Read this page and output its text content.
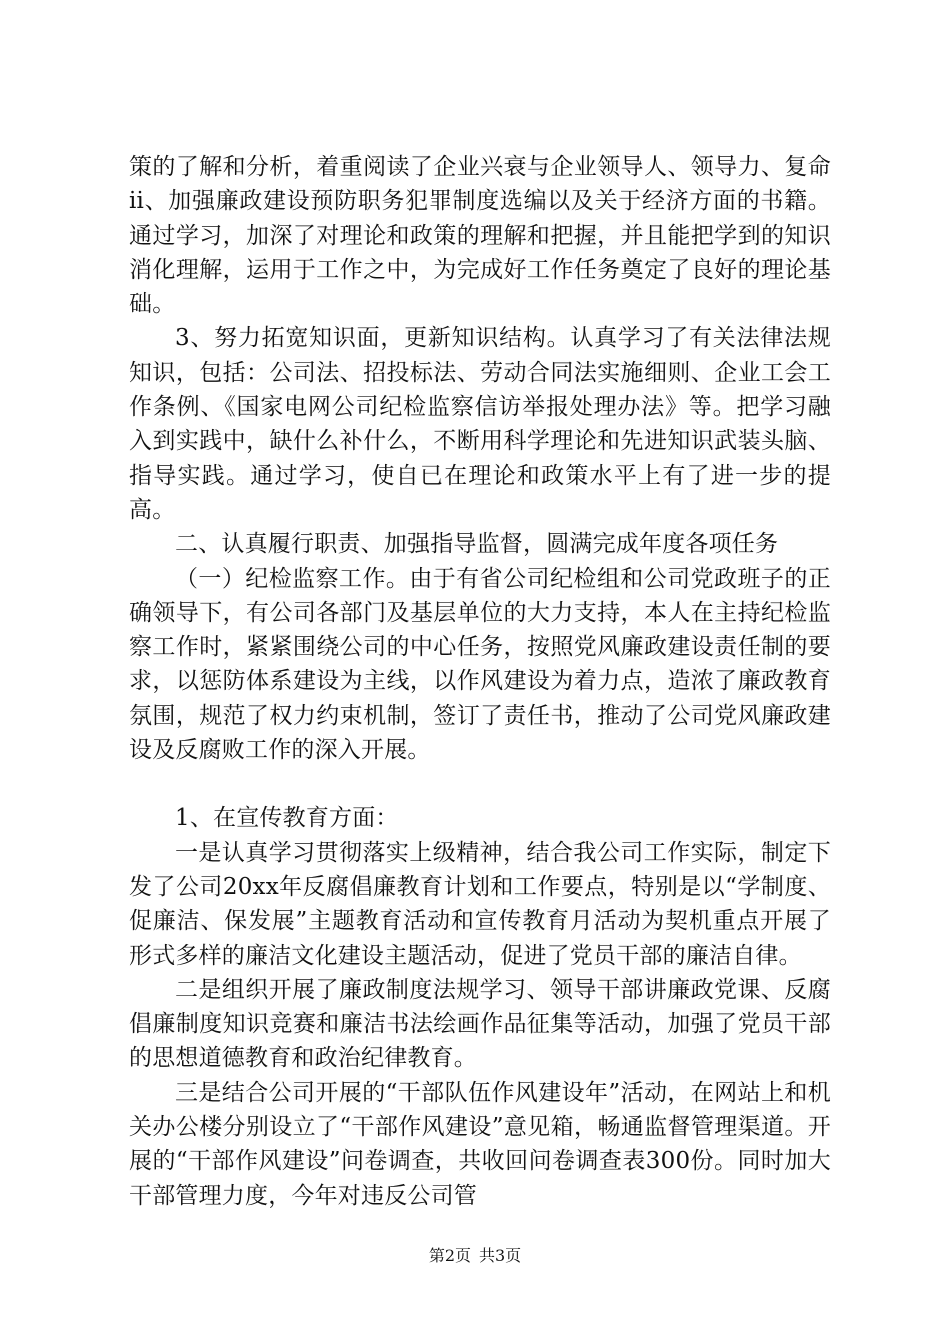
策的了解和分析，着重阅读了企业兴衰与企业领导人、领导力、复命ii、加强廉政建设预防职务犯罪制度选编以及关于经济方面的书籍。通过学习，加深了对理论和政策的理解和把握，并且能把学到的知识消化理解，运用于工作之中，为完成好工作任务奠定了良好的理论基础。

3、努力拓宽知识面，更新知识结构。认真学习了有关法律法规知识，包括：公司法、招投标法、劳动合同法实施细则、企业工会工作条例、《国家电网公司纪检监察信访举报处理办法》等。把学习融入到实践中，缺什么补什么，不断用科学理论和先进知识武装头脑、指导实践。通过学习，使自已在理论和政策水平上有了进一步的提高。

二、认真履行职责、加强指导监督，圆满完成年度各项任务

（一）纪检监察工作。由于有省公司纪检组和公司党政班子的正确领导下，有公司各部门及基层单位的大力支持，本人在主持纪检监察工作时，紧紧围绕公司的中心任务，按照党风廉政建设责任制的要求，以惩防体系建设为主线，以作风建设为着力点，造浓了廉政教育氛围，规范了权力约束机制，签订了责任书，推动了公司党风廉政建设及反腐败工作的深入开展。

1、在宣传教育方面：

一是认真学习贯彻落实上级精神，结合我公司工作实际，制定下发了公司20xx年反腐倡廉教育计划和工作要点，特别是以“学制度、促廉洁、保发展”主题教育活动和宣传教育月活动为契机重点开展了形式多样的廉洁文化建设主题活动，促进了党员干部的廉洁自律。

二是组织开展了廉政制度法规学习、领导干部讲廉政党课、反腐倡廉制度知识竞赛和廉洁书法绘画作品征集等活动，加强了党员干部的思想道德教育和政治纪律教育。

三是结合公司开展的“干部队伍作风建设年”活动，在网站上和机关办公楼分别设立了“干部作风建设”意见箱，畅通监督管理渠道。开展的“干部作风建设”问卷调查，共收回问卷调查表300份。同时加大干部管理力度，今年对违反公司管

第2页 共3页
